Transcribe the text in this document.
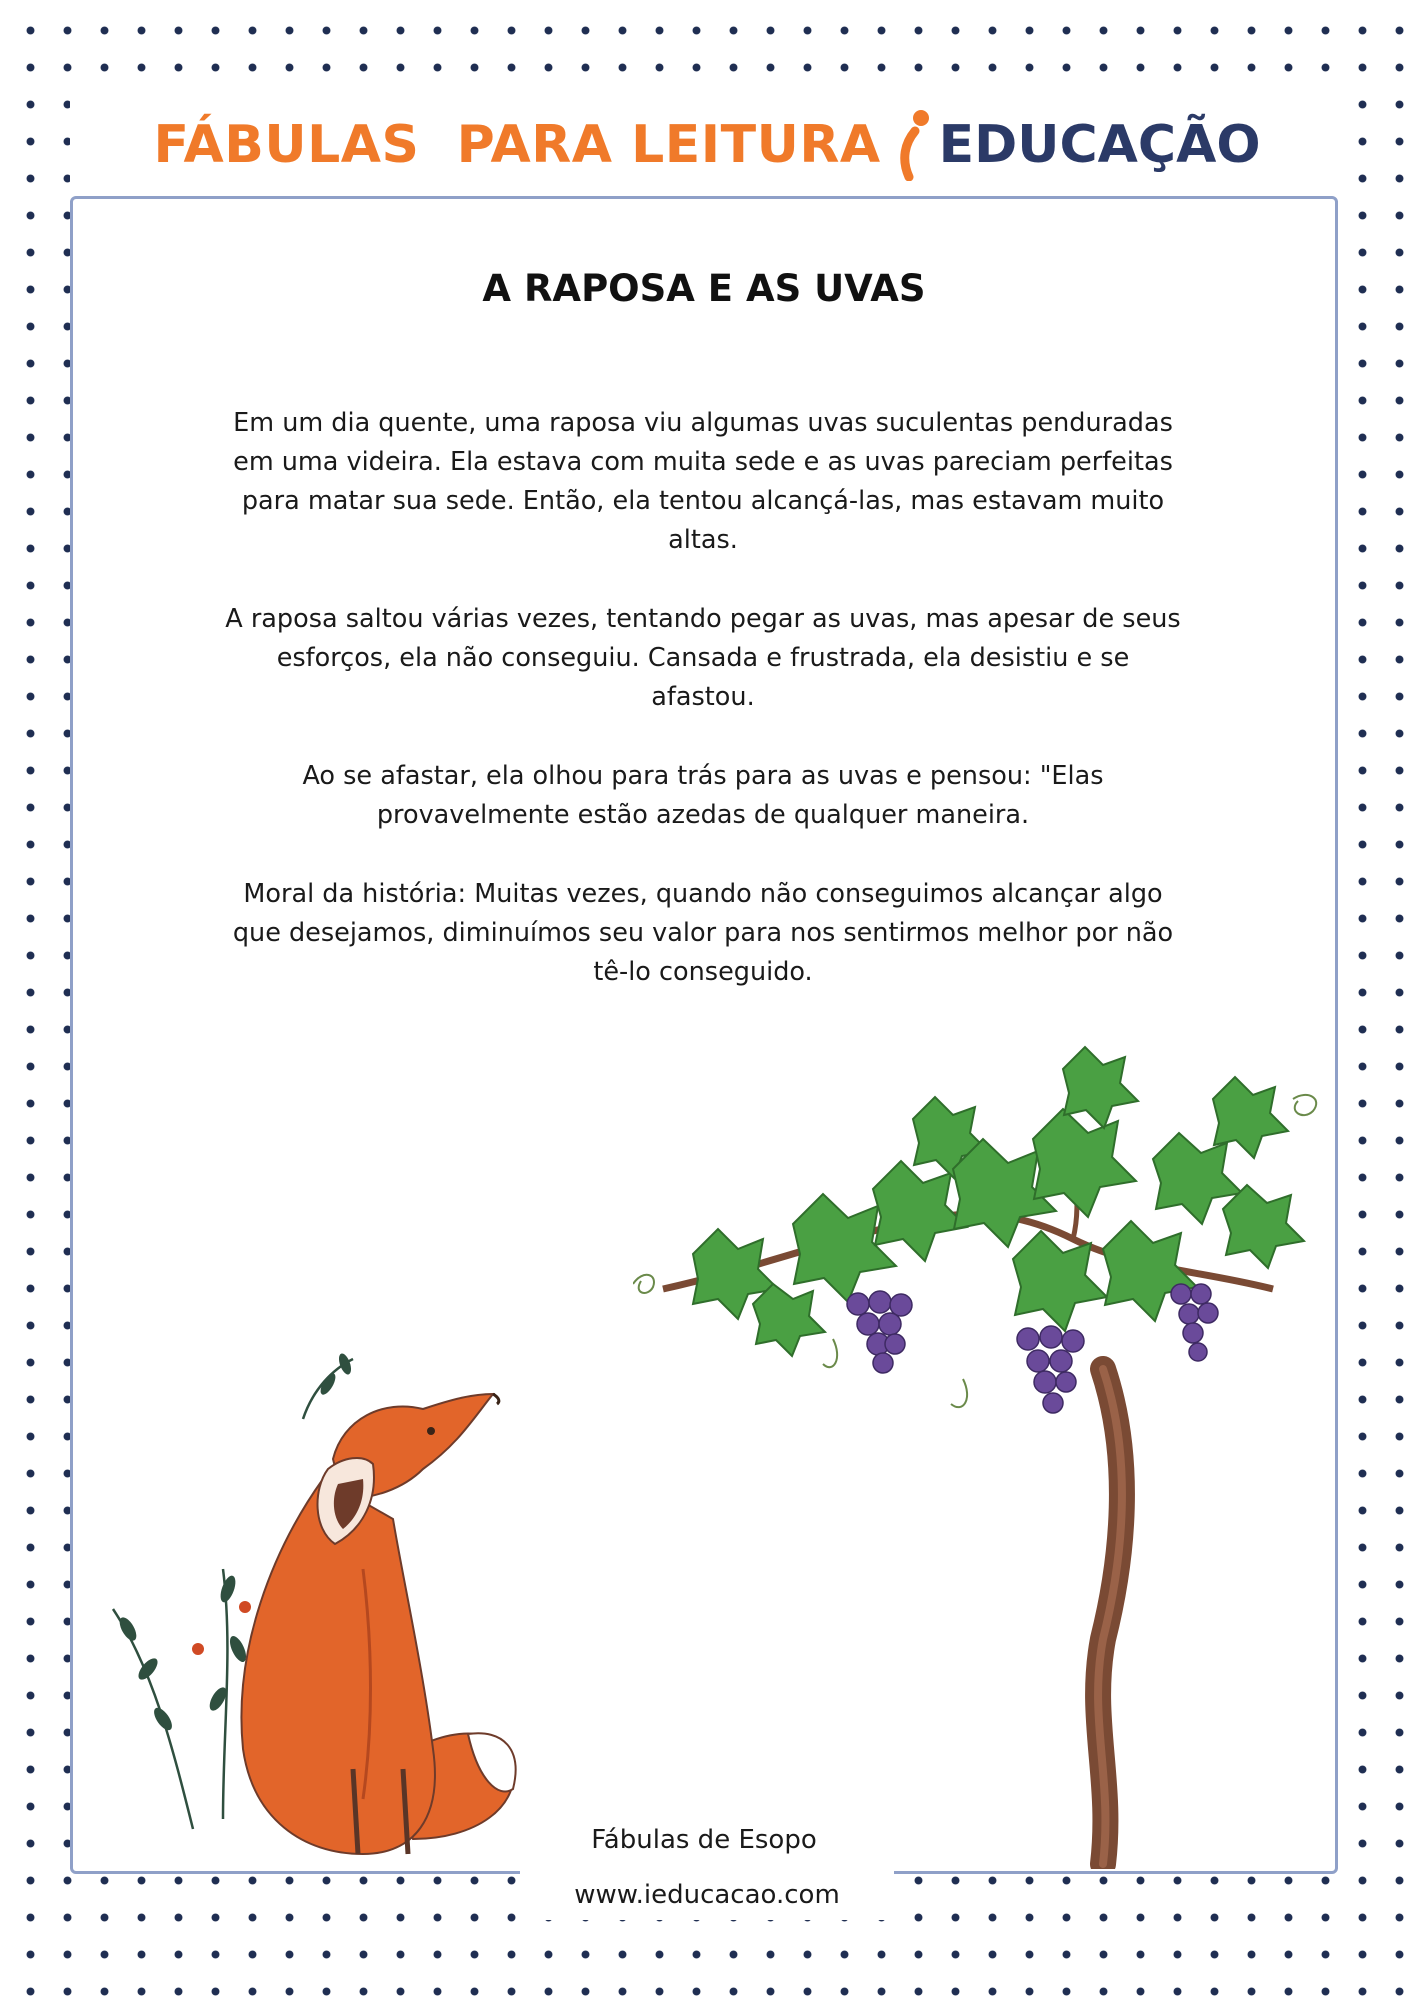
FÁBULAS  PARA LEITURA EDUCAÇÃO
A RAPOSA E AS UVAS

Em um dia quente, uma raposa viu algumas uvas suculentas penduradas em uma videira. Ela estava com muita sede e as uvas pareciam perfeitas para matar sua sede. Então, ela tentou alcançá-las, mas estavam muito altas.

A raposa saltou várias vezes, tentando pegar as uvas, mas apesar de seus esforços, ela não conseguiu. Cansada e frustrada, ela desistiu e se afastou.

Ao se afastar, ela olhou para trás para as uvas e pensou: "Elas provavelmente estão azedas de qualquer maneira.

Moral da história: Muitas vezes, quando não conseguimos alcançar algo que desejamos, diminuímos seu valor para nos sentirmos melhor por não tê-lo conseguido.

Fábulas de Esopo
www.ieducacao.com
